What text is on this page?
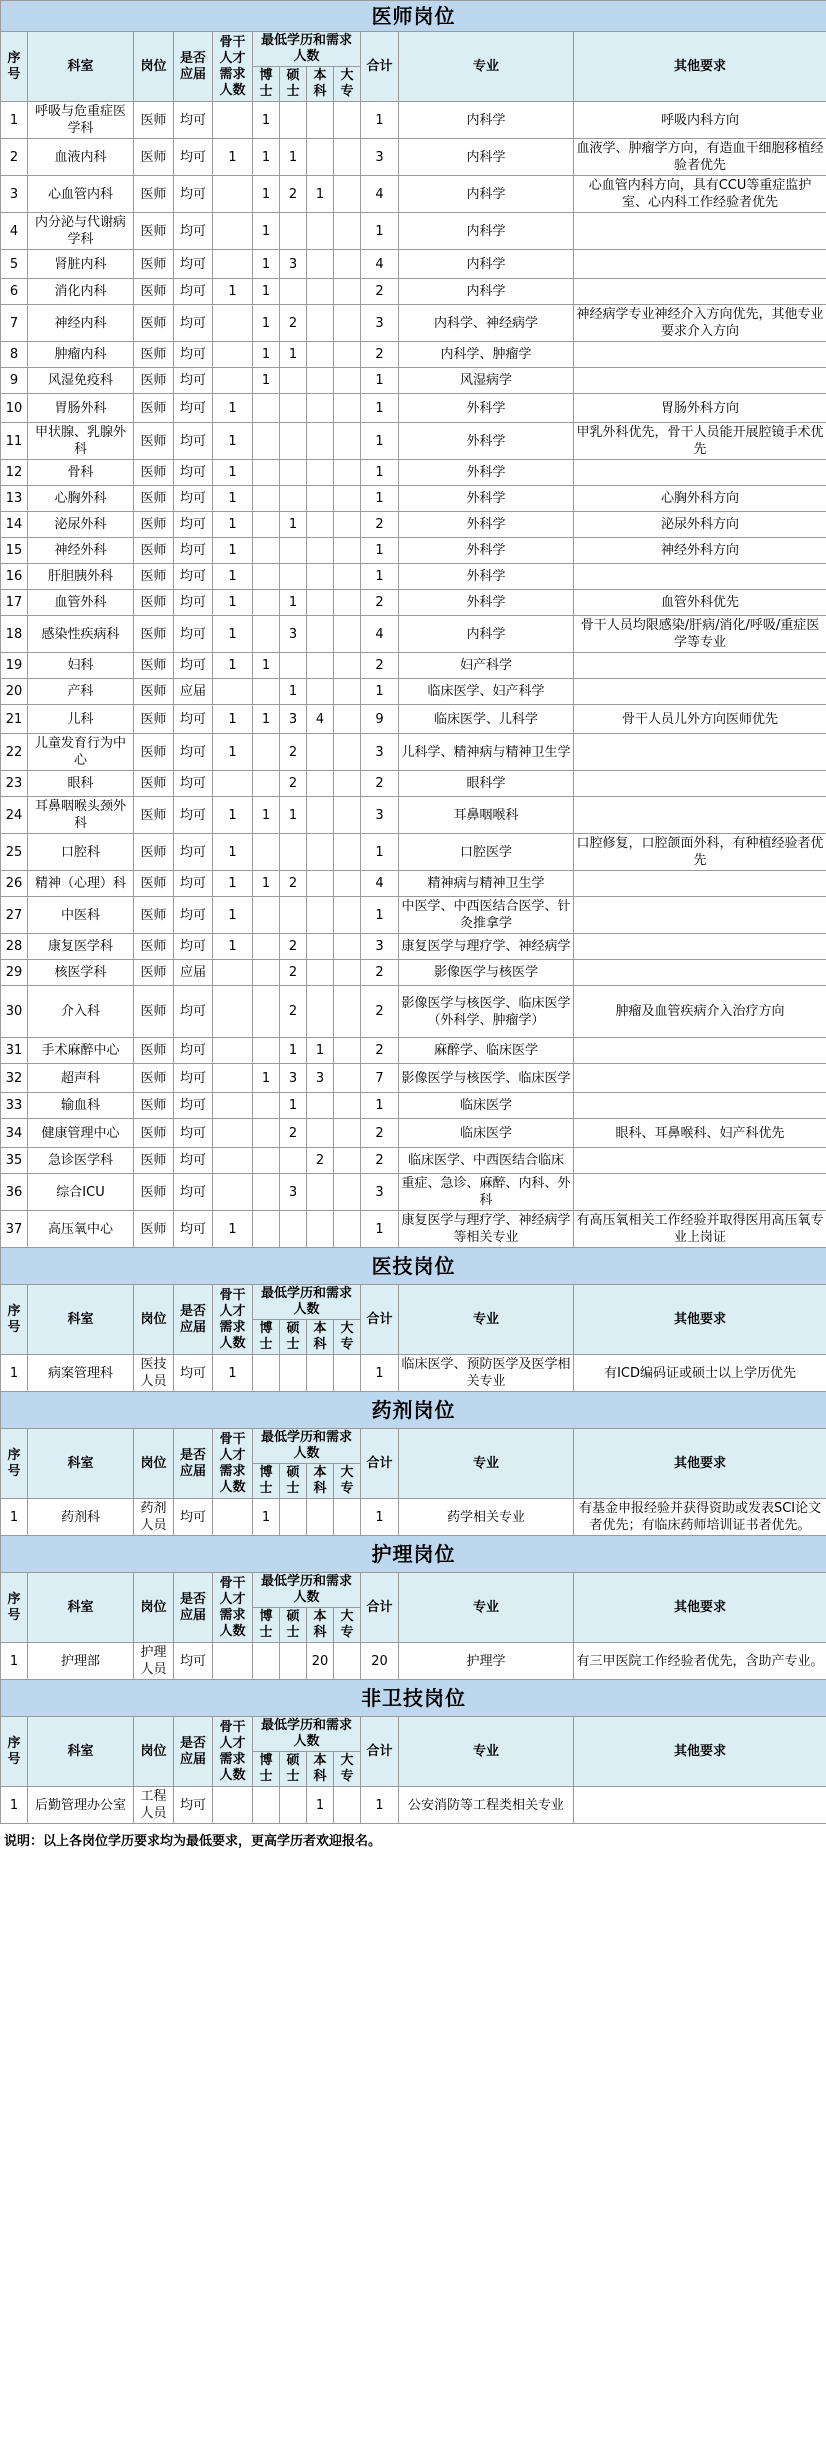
医师岗位											
序号	科室	岗位	是否应届	骨干人才需求人数	最低学历和需求人数				合计	专业	其他要求
					博士	硕士	本科	大专			
1	呼吸与危重症医学科	医师	均可		1				1	内科学	呼吸内科方向
2	血液内科	医师	均可	1	1	1			3	内科学	血液学、肿瘤学方向，有造血干细胞移植经验者优先
3	心血管内科	医师	均可		1	2	1		4	内科学	心血管内科方向，具有CCU等重症监护室、心内科工作经验者优先
4	内分泌与代谢病学科	医师	均可		1				1	内科学	
5	肾脏内科	医师	均可		1	3			4	内科学	
6	消化内科	医师	均可	1	1				2	内科学	
7	神经内科	医师	均可		1	2			3	内科学、神经病学	神经病学专业神经介入方向优先，其他专业要求介入方向
8	肿瘤内科	医师	均可		1	1			2	内科学、肿瘤学	
9	风湿免疫科	医师	均可		1				1	风湿病学	
10	胃肠外科	医师	均可	1					1	外科学	胃肠外科方向
11	甲状腺、乳腺外科	医师	均可	1					1	外科学	甲乳外科优先，骨干人员能开展腔镜手术优先
12	骨科	医师	均可	1					1	外科学	
13	心胸外科	医师	均可	1					1	外科学	心胸外科方向
14	泌尿外科	医师	均可	1		1			2	外科学	泌尿外科方向
15	神经外科	医师	均可	1					1	外科学	神经外科方向
16	肝胆胰外科	医师	均可	1					1	外科学	
17	血管外科	医师	均可	1		1			2	外科学	血管外科优先
18	感染性疾病科	医师	均可	1		3			4	内科学	骨干人员均限感染/肝病/消化/呼吸/重症医学等专业
19	妇科	医师	均可	1	1				2	妇产科学	
20	产科	医师	应届			1			1	临床医学、妇产科学	
21	儿科	医师	均可	1	1	3	4		9	临床医学、儿科学	骨干人员儿外方向医师优先
22	儿童发育行为中心	医师	均可	1		2			3	儿科学、精神病与精神卫生学	
23	眼科	医师	均可			2			2	眼科学	
24	耳鼻咽喉头颈外科	医师	均可	1	1	1			3	耳鼻咽喉科	
25	口腔科	医师	均可	1					1	口腔医学	口腔修复，口腔颌面外科，有种植经验者优先
26	精神（心理）科	医师	均可	1	1	2			4	精神病与精神卫生学	
27	中医科	医师	均可	1					1	中医学、中西医结合医学、针灸推拿学	
28	康复医学科	医师	均可	1		2			3	康复医学与理疗学、神经病学	
29	核医学科	医师	应届			2			2	影像医学与核医学	
30	介入科	医师	均可			2			2	影像医学与核医学、临床医学（外科学、肿瘤学）	肿瘤及血管疾病介入治疗方向
31	手术麻醉中心	医师	均可			1	1		2	麻醉学、临床医学	
32	超声科	医师	均可		1	3	3		7	影像医学与核医学、临床医学	
33	输血科	医师	均可			1			1	临床医学	
34	健康管理中心	医师	均可			2			2	临床医学	眼科、耳鼻喉科、妇产科优先
35	急诊医学科	医师	均可				2		2	临床医学、中西医结合临床	
36	综合ICU	医师	均可			3			3	重症、急诊、麻醉、内科、外科	
37	高压氧中心	医师	均可	1					1	康复医学与理疗学、神经病学等相关专业	有高压氧相关工作经验并取得医用高压氧专业上岗证
医技岗位											
序号	科室	岗位	是否应届	骨干人才需求人数	最低学历和需求人数				合计	专业	其他要求
					博士	硕士	本科	大专			
1	病案管理科	医技人员	均可	1					1	临床医学、预防医学及医学相关专业	有ICD编码证或硕士以上学历优先
药剂岗位											
序号	科室	岗位	是否应届	骨干人才需求人数	最低学历和需求人数				合计	专业	其他要求
					博士	硕士	本科	大专			
1	药剂科	药剂人员	均可		1				1	药学相关专业	有基金申报经验并获得资助或发表SCI论文者优先；有临床药师培训证书者优先。
护理岗位											
序号	科室	岗位	是否应届	骨干人才需求人数	最低学历和需求人数				合计	专业	其他要求
					博士	硕士	本科	大专			
1	护理部	护理人员	均可				20		20	护理学	有三甲医院工作经验者优先，含助产专业。
非卫技岗位											
序号	科室	岗位	是否应届	骨干人才需求人数	最低学历和需求人数				合计	专业	其他要求
					博士	硕士	本科	大专			
1	后勤管理办公室	工程人员	均可				1		1	公安消防等工程类相关专业	
说明：以上各岗位学历要求均为最低要求，更高学历者欢迎报名。
